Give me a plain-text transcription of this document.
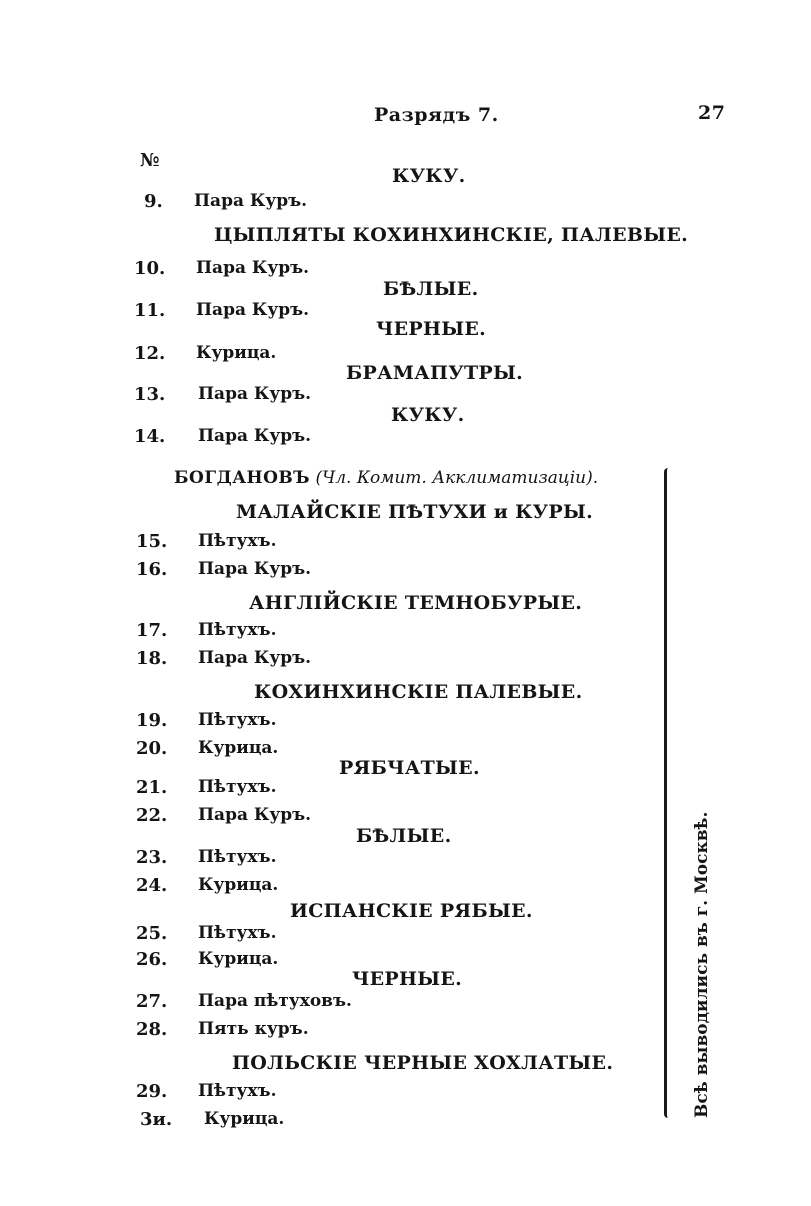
Разрядъ 7.	27
№
КУКУ.
9. Пара Куръ.
ЦЫПЛЯТЫ КОХИНХИНСКІЕ, ПАЛЕВЫЕ.
10. Пара Куръ.
БѢЛЫЕ.
11. Пара Куръ.
ЧЕРНЫЕ.
12. Курица.
БРАМАПУТРЫ.
13. Пара Куръ.
КУКУ.
14. Пара Куръ.
БОГДАНОВЪ (Чл. Комит. Акклиматизаціи).
МАЛАЙСКІЕ ПѢТУХИ и КУРЫ.
15. Пѣтухъ.
16. Пара Куръ.
АНГЛІЙСКІЕ ТЕМНОБУРЫЕ.
17. Пѣтухъ.
18. Пара Куръ.
КОХИНХИНСКІЕ ПАЛЕВЫЕ.
19. Пѣтухъ.
20. Курица.
РЯБЧАТЫЕ.
21. Пѣтухъ.
22. Пара Куръ.
БѢЛЫЕ.
23. Пѣтухъ.
24. Курица.
ИСПАНСКІЕ РЯБЫЕ.
25. Пѣтухъ.
26. Курица.
ЧЕРНЫЕ.
27. Пара пѣтуховъ.
28. Пять куръ.
ПОЛЬСКІЕ ЧЕРНЫЕ ХОХЛАТЫЕ.
29. Пѣтухъ.
3и. Курица.
Всѣ выводились въ г. Москвѣ.
